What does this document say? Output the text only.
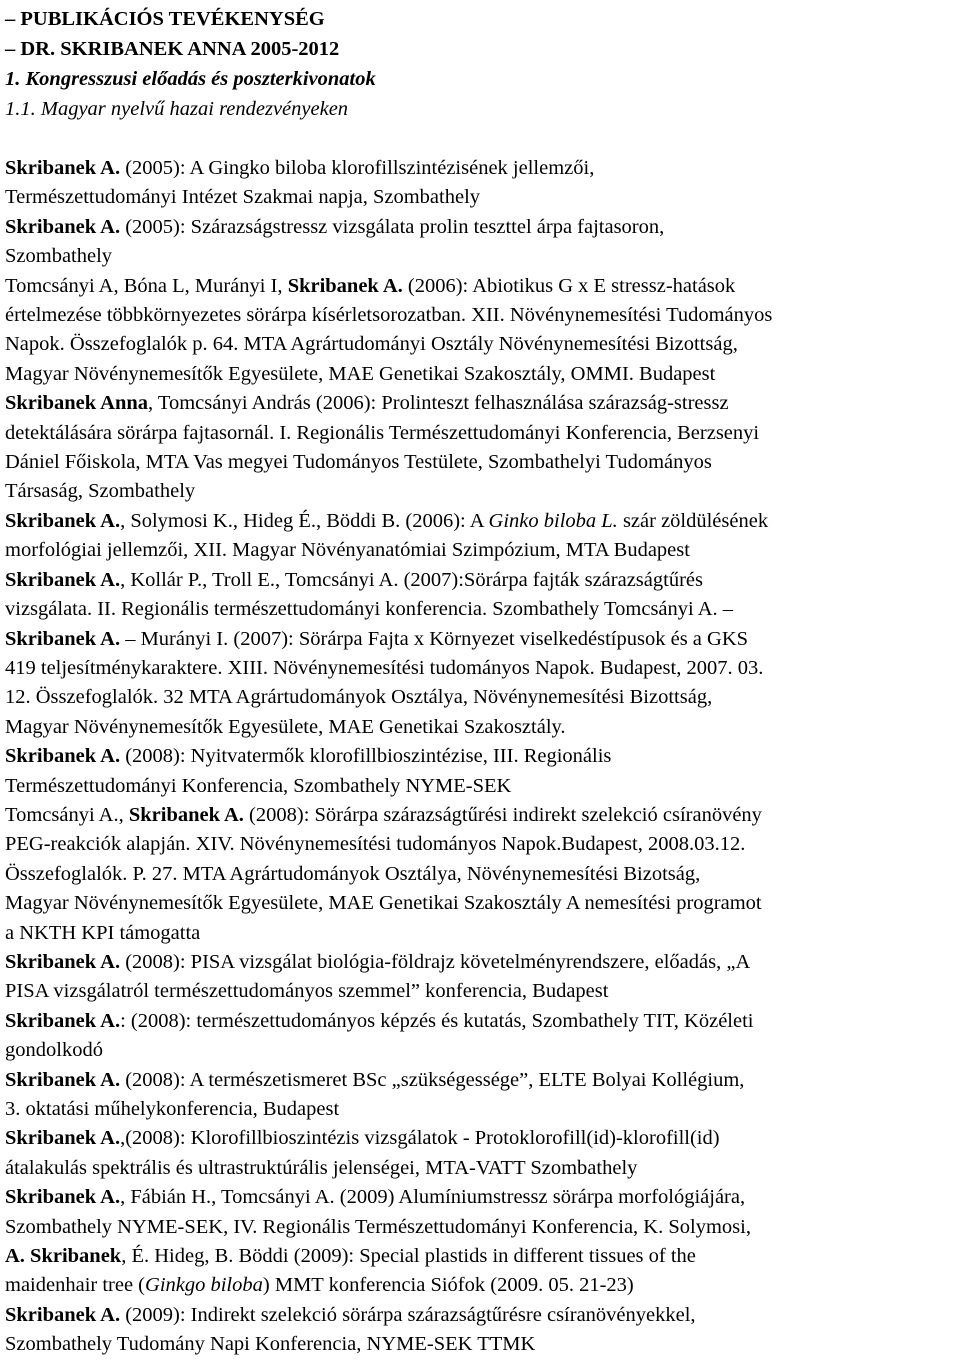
– PUBLIKÁCIÓS TEVÉKENYSÉG

– DR. SKRIBANEK ANNA 2005-2012

1. Kongresszusi előadás és poszterkivonatok

1.1. Magyar nyelvű hazai rendezvényeken

Skribanek A. (2005): A Gingko biloba klorofillszintézisének jellemzői,
Természettudományi Intézet Szakmai napja, Szombathely

Skribanek A. (2005): Szárazságstressz vizsgálata prolin teszttel árpa fajtasoron,
Szombathely

Tomcsányi A, Bóna L, Murányi I, Skribanek A. (2006): Abiotikus G x E stressz-hatások
értelmezése többkörnyezetes sörárpa kísérletsorozatban. XII. Növénynemesítési Tudományos
Napok. Összefoglalók p. 64. MTA Agrártudományi Osztály Növénynemesítési Bizottság,
Magyar Növénynemesítők Egyesülete, MAE Genetikai Szakosztály, OMMI. Budapest

Skribanek Anna, Tomcsányi András (2006): Prolinteszt felhasználása szárazság-stressz
detektálására sörárpa fajtasornál. I. Regionális Természettudományi Konferencia, Berzsenyi
Dániel Főiskola, MTA Vas megyei Tudományos Testülete, Szombathelyi Tudományos
Társaság, Szombathely

Skribanek A., Solymosi K., Hideg É., Böddi B. (2006): A Ginko biloba L. szár zöldülésének
morfológiai jellemzői, XII. Magyar Növényanatómiai Szimpózium, MTA Budapest

Skribanek A., Kollár P., Troll E., Tomcsányi A. (2007):Sörárpa fajták szárazságtűrés
vizsgálata. II. Regionális természettudományi konferencia. Szombathely Tomcsányi A. –

Skribanek A. – Murányi I. (2007): Sörárpa Fajta x Környezet viselkedéstípusok és a GKS
419 teljesítménykaraktere. XIII. Növénynemesítési tudományos Napok. Budapest, 2007. 03.
12. Összefoglalók. 32 MTA Agrártudományok Osztálya, Növénynemesítési Bizottság,
Magyar Növénynemesítők Egyesülete, MAE Genetikai Szakosztály.

Skribanek A. (2008): Nyitvatermők klorofillbioszintézise, III. Regionális
Természettudományi Konferencia, Szombathely NYME-SEK

Tomcsányi A., Skribanek A. (2008): Sörárpa szárazságtűrési indirekt szelekció csíranövény
PEG-reakciók alapján. XIV. Növénynemesítési tudományos Napok.Budapest, 2008.03.12.
Összefoglalók. P. 27. MTA Agrártudományok Osztálya, Növénynemesítési Bizotság,
Magyar Növénynemesítők Egyesülete, MAE Genetikai Szakosztály A nemesítési programot
a NKTH KPI támogatta

Skribanek A. (2008): PISA vizsgálat biológia-földrajz követelményrendszere, előadás, „A
PISA vizsgálatról természettudományos szemmel” konferencia, Budapest

Skribanek A.: (2008): természettudományos képzés és kutatás, Szombathely TIT, Közéleti
gondolkodó

Skribanek A. (2008): A természetismeret BSc „szükségessége”, ELTE Bolyai Kollégium,
3. oktatási műhelykonferencia, Budapest

Skribanek A.,(2008): Klorofillbioszintézis vizsgálatok - Protoklorofill(id)-klorofill(id)
átalakulás spektrális és ultrastruktúrális jelenségei, MTA-VATT Szombathely

Skribanek A., Fábián H., Tomcsányi A. (2009) Alumíniumstressz sörárpa morfológiájára,
Szombathely NYME-SEK, IV. Regionális Természettudományi Konferencia, K. Solymosi,
A. Skribanek, É. Hideg, B. Böddi (2009): Special plastids in different tissues of the
maidenhair tree (Ginkgo biloba) MMT konferencia Siófok (2009. 05. 21-23)

Skribanek A. (2009): Indirekt szelekció sörárpa szárazságtűrésre csíranövényekkel,
Szombathely Tudomány Napi Konferencia, NYME-SEK TTMK
